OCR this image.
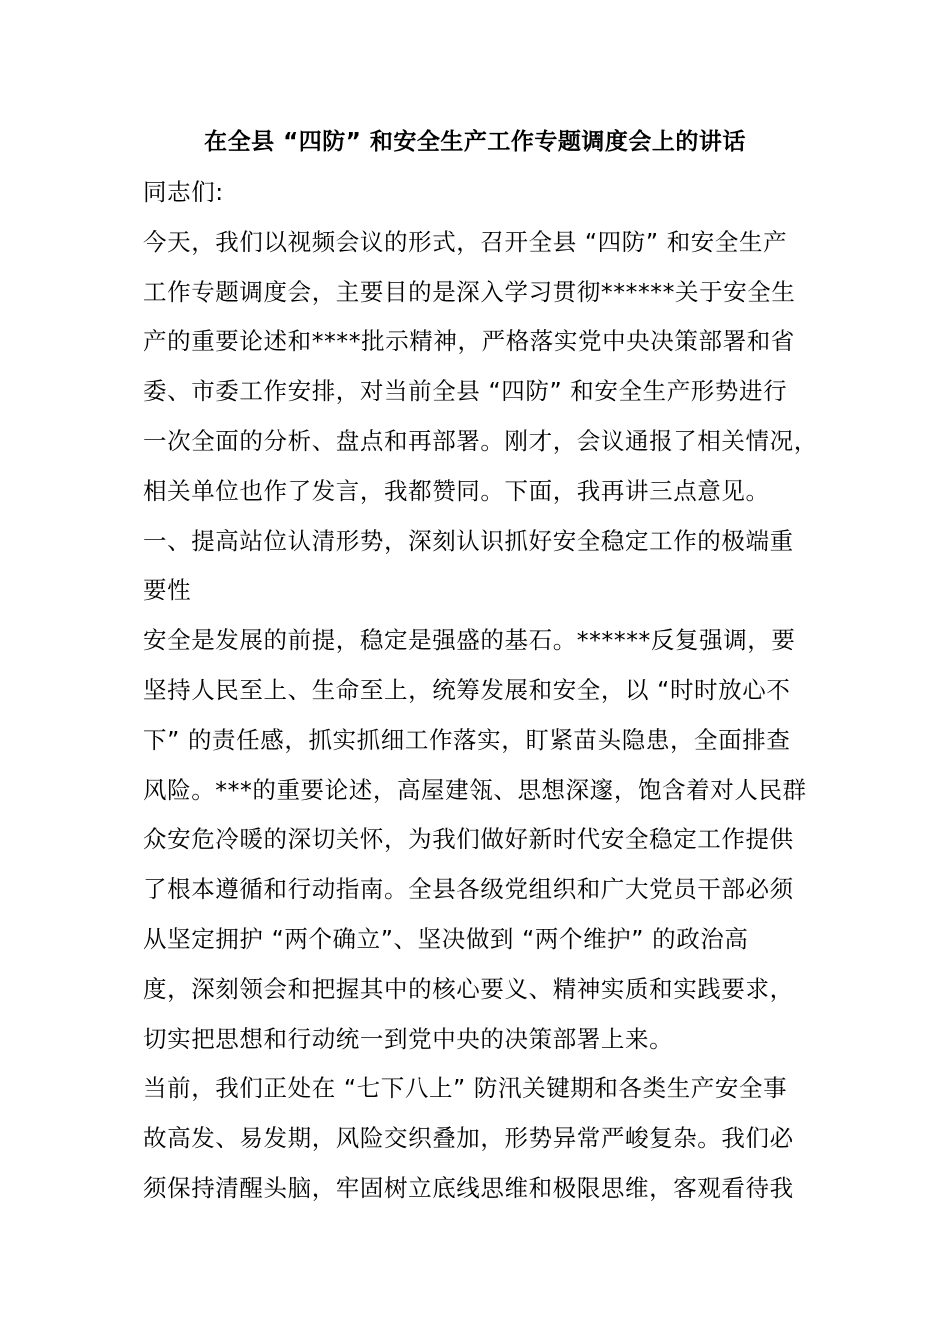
在全县 “四防” 和安全生产工作专题调度会上的讲话
同志们:
今天，我们以视频会议的形式，召开全县 “四防” 和安全生产
工作专题调度会，主要目的是深入学习贯彻******关于安全生
产的重要论述和****批示精神，严格落实党中央决策部署和省
委、市委工作安排，对当前全县 “四防” 和安全生产形势进行
一次全面的分析、盘点和再部署。刚才，会议通报了相关情况，
相关单位也作了发言，我都赞同。下面，我再讲三点意见。
一、提高站位认清形势，深刻认识抓好安全稳定工作的极端重
要性
安全是发展的前提，稳定是强盛的基石。******反复强调，要
坚持人民至上、生命至上，统筹发展和安全，以 “时时放心不
下” 的责任感，抓实抓细工作落实，盯紧苗头隐患，全面排查
风险。***的重要论述，高屋建瓴、思想深邃，饱含着对人民群
众安危冷暖的深切关怀，为我们做好新时代安全稳定工作提供
了根本遵循和行动指南。全县各级党组织和广大党员干部必须
从坚定拥护 “两个确立”、坚决做到 “两个维护” 的政治高
度，深刻领会和把握其中的核心要义、精神实质和实践要求，
切实把思想和行动统一到党中央的决策部署上来。
当前，我们正处在 “七下八上” 防汛关键期和各类生产安全事
故高发、易发期，风险交织叠加，形势异常严峻复杂。我们必
须保持清醒头脑，牢固树立底线思维和极限思维，客观看待我
